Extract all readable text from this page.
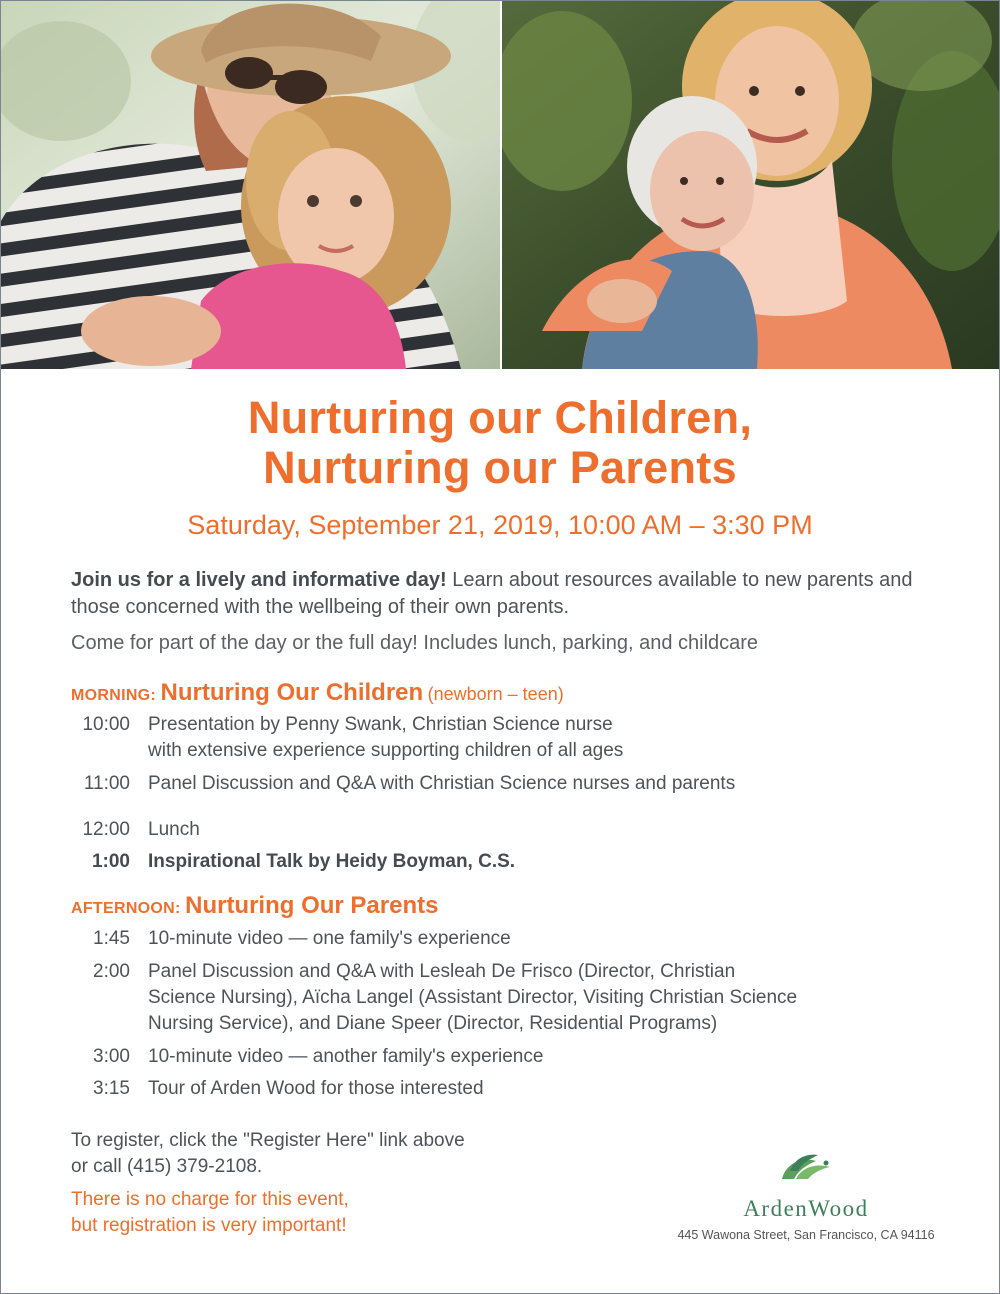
Nurturing our Children,
Nurturing our Parents
Saturday, September 21, 2019, 10:00 AM – 3:30 PM
Join us for a lively and informative day! Learn about resources available to new parents and those concerned with the wellbeing of their own parents.
Come for part of the day or the full day! Includes lunch, parking, and childcare
MORNING: Nurturing Our Children (newborn – teen)
10:00 Presentation by Penny Swank, Christian Science nurse
with extensive experience supporting children of all ages
11:00 Panel Discussion and Q&A with Christian Science nurses and parents
12:00 Lunch
1:00 Inspirational Talk by Heidy Boyman, C.S.
AFTERNOON: Nurturing Our Parents
1:45 10-minute video — one family's experience
2:00 Panel Discussion and Q&A with Lesleah De Frisco (Director, Christian
Science Nursing), Aïcha Langel (Assistant Director, Visiting Christian Science
Nursing Service), and Diane Speer (Director, Residential Programs)
3:00 10-minute video — another family's experience
3:15 Tour of Arden Wood for those interested
To register, click the "Register Here" link above
or call (415) 379-2108.
There is no charge for this event,
but registration is very important!
ArdenWood
445 Wawona Street, San Francisco, CA 94116
